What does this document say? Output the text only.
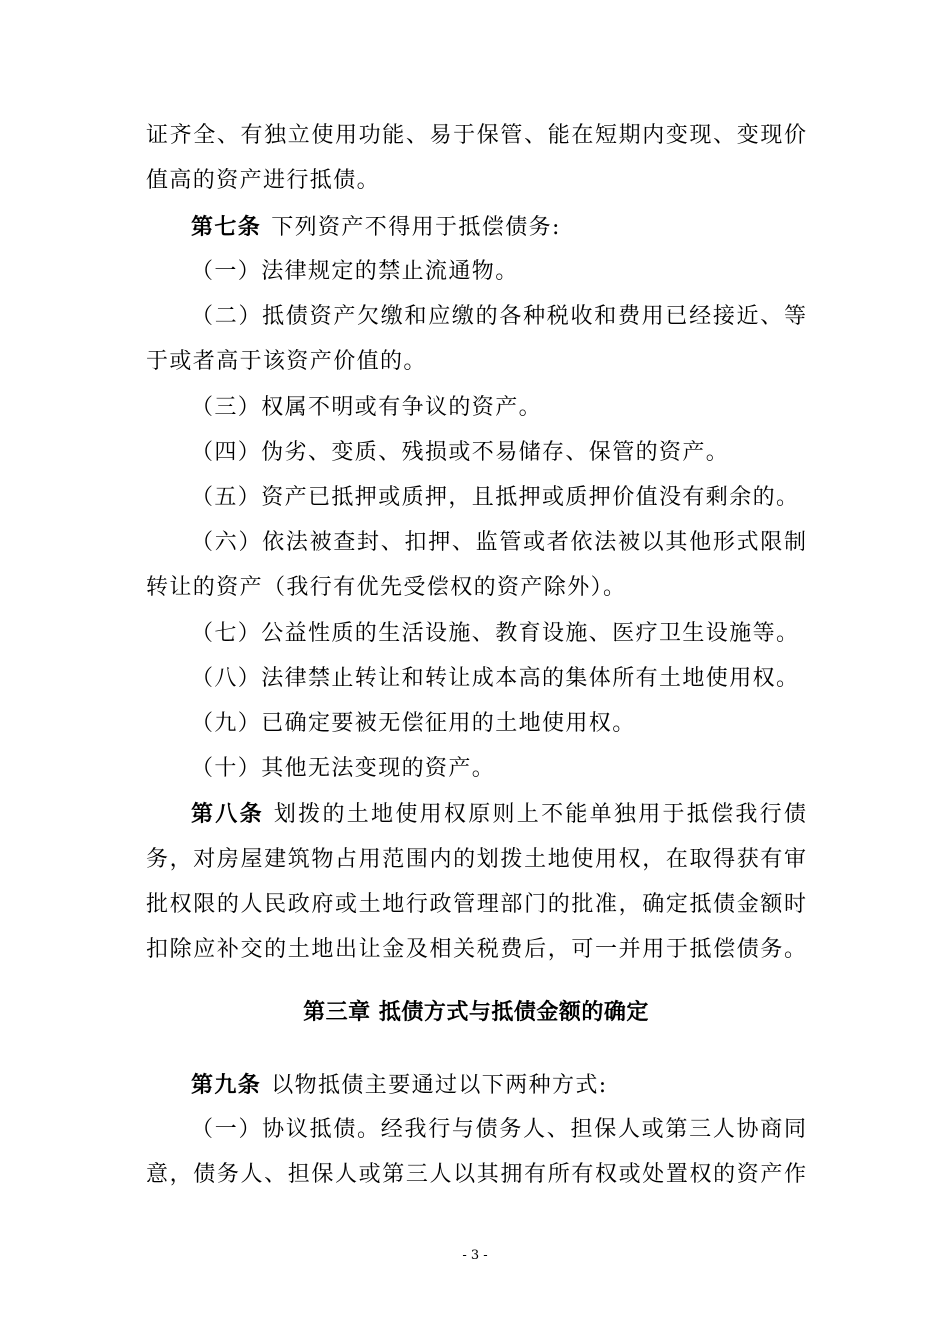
证齐全、有独立使用功能、易于保管、能在短期内变现、变现价
值高的资产进行抵债。
第七条 下列资产不得用于抵偿债务:
（一）法律规定的禁止流通物。
（二）抵债资产欠缴和应缴的各种税收和费用已经接近、等
于或者高于该资产价值的。
（三）权属不明或有争议的资产。
（四）伪劣、变质、残损或不易储存、保管的资产。
（五）资产已抵押或质押，且抵押或质押价值没有剩余的。
（六）依法被查封、扣押、监管或者依法被以其他形式限制
转让的资产（我行有优先受偿权的资产除外）。
（七）公益性质的生活设施、教育设施、医疗卫生设施等。
（八）法律禁止转让和转让成本高的集体所有土地使用权。
（九）已确定要被无偿征用的土地使用权。
（十）其他无法变现的资产。
第八条 划拨的土地使用权原则上不能单独用于抵偿我行债
务，对房屋建筑物占用范围内的划拨土地使用权，在取得获有审
批权限的人民政府或土地行政管理部门的批准，确定抵债金额时
扣除应补交的土地出让金及相关税费后，可一并用于抵偿债务。
第三章 抵债方式与抵债金额的确定
第九条 以物抵债主要通过以下两种方式:
（一）协议抵债。经我行与债务人、担保人或第三人协商同
意，债务人、担保人或第三人以其拥有所有权或处置权的资产作
- 3 -
